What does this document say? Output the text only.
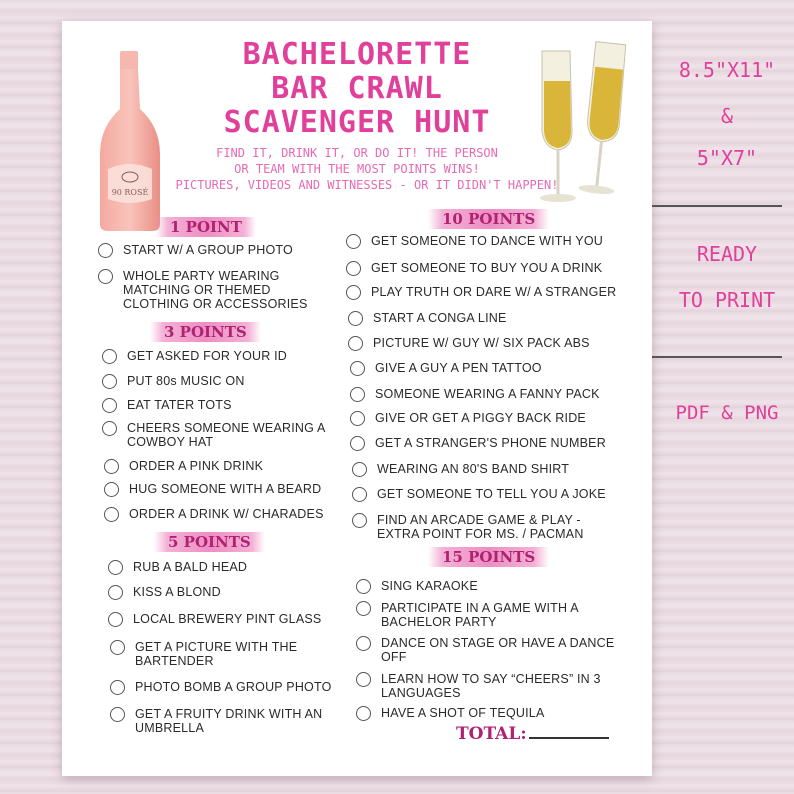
90 ROSÉ
BACHELORETTE
BAR CRAWL
SCAVENGER HUNT
FIND IT, DRINK IT, OR DO IT! THE PERSON
OR TEAM WITH THE MOST POINTS WINS!
PICTURES, VIDEOS AND WITNESSES - OR IT DIDN'T HAPPEN!
1 POINT
START W/ A GROUP PHOTO
WHOLE PARTY WEARING MATCHING OR THEMED CLOTHING OR ACCESSORIES
3 POINTS
GET ASKED FOR YOUR ID
PUT 80s MUSIC ON
EAT TATER TOTS
CHEERS SOMEONE WEARING A COWBOY HAT
ORDER A PINK DRINK
HUG SOMEONE WITH A BEARD
ORDER A DRINK W/ CHARADES
5 POINTS
RUB A BALD HEAD
KISS A BLOND
LOCAL BREWERY PINT GLASS
GET A PICTURE WITH THE BARTENDER
PHOTO BOMB A GROUP PHOTO
GET A FRUITY DRINK WITH AN UMBRELLA
10 POINTS
GET SOMEONE TO DANCE WITH YOU
GET SOMEONE TO BUY YOU A DRINK
PLAY TRUTH OR DARE W/ A STRANGER
START A CONGA LINE
PICTURE W/ GUY W/ SIX PACK ABS
GIVE A GUY A PEN TATTOO
SOMEONE WEARING A FANNY PACK
GIVE OR GET A PIGGY BACK RIDE
GET A STRANGER'S PHONE NUMBER
WEARING AN 80'S BAND SHIRT
GET SOMEONE TO TELL YOU A JOKE
FIND AN ARCADE GAME & PLAY -EXTRA POINT FOR MS. / PACMAN
15 POINTS
SING KARAOKE
PARTICIPATE IN A GAME WITH A BACHELOR PARTY
DANCE ON STAGE OR HAVE A DANCE OFF
LEARN HOW TO SAY “CHEERS” IN 3 LANGUAGES
HAVE A SHOT OF TEQUILA
TOTAL:
8.5"X11"
&
5"X7"
READY
TO PRINT
PDF & PNG
